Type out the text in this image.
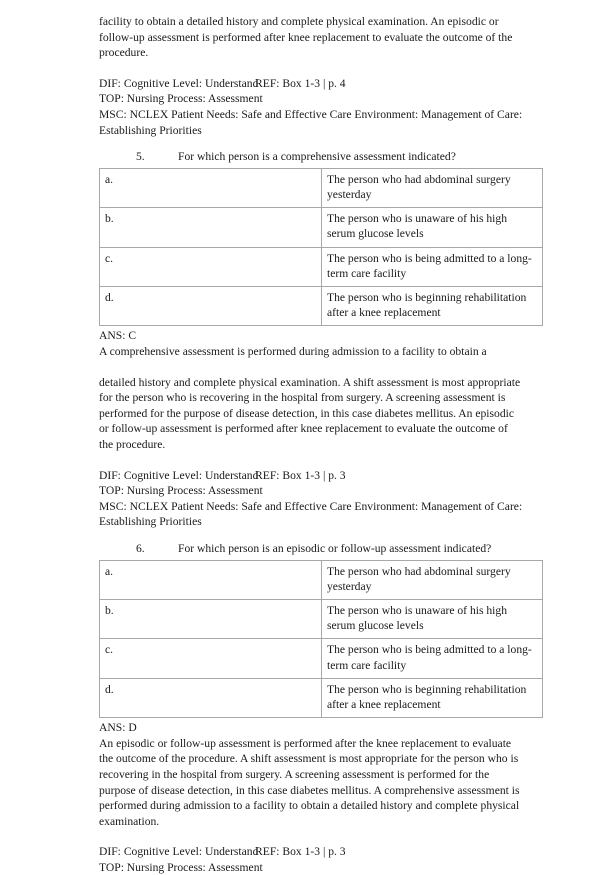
facility to obtain a detailed history and complete physical examination. An episodic or follow-up assessment is performed after knee replacement to evaluate the outcome of the procedure.

DIF: Cognitive Level: Understand
REF: Box 1-3 | p. 4
TOP: Nursing Process: Assessment
MSC: NCLEX Patient Needs: Safe and Effective Care Environment: Management of Care:
Establishing Priorities
5.	For which person is a comprehensive assessment indicated?
a.	The person who had abdominal surgery yesterday
b.	The person who is unaware of his high serum glucose levels
c.	The person who is being admitted to a long-term care facility
d.	The person who is beginning rehabilitation after a knee replacement
ANS: C

A comprehensive assessment is performed during admission to a facility to obtain a

detailed history and complete physical examination. A shift assessment is most appropriate for the person who is recovering in the hospital from surgery. A screening assessment is performed for the purpose of disease detection, in this case diabetes mellitus. An episodic or follow-up assessment is performed after knee replacement to evaluate the outcome of the procedure.

DIF: Cognitive Level: Understand
REF: Box 1-3 | p. 3
TOP: Nursing Process: Assessment
MSC: NCLEX Patient Needs: Safe and Effective Care Environment: Management of Care:
Establishing Priorities
6.	For which person is an episodic or follow-up assessment indicated?
a.	The person who had abdominal surgery yesterday
b.	The person who is unaware of his high serum glucose levels
c.	The person who is being admitted to a long-term care facility
d.	The person who is beginning rehabilitation after a knee replacement
ANS: D

An episodic or follow-up assessment is performed after the knee replacement to evaluate the outcome of the procedure. A shift assessment is most appropriate for the person who is recovering in the hospital from surgery. A screening assessment is performed for the purpose of disease detection, in this case diabetes mellitus. A comprehensive assessment is performed during admission to a facility to obtain a detailed history and complete physical examination.

DIF: Cognitive Level: Understand
REF: Box 1-3 | p. 3
TOP: Nursing Process: Assessment
